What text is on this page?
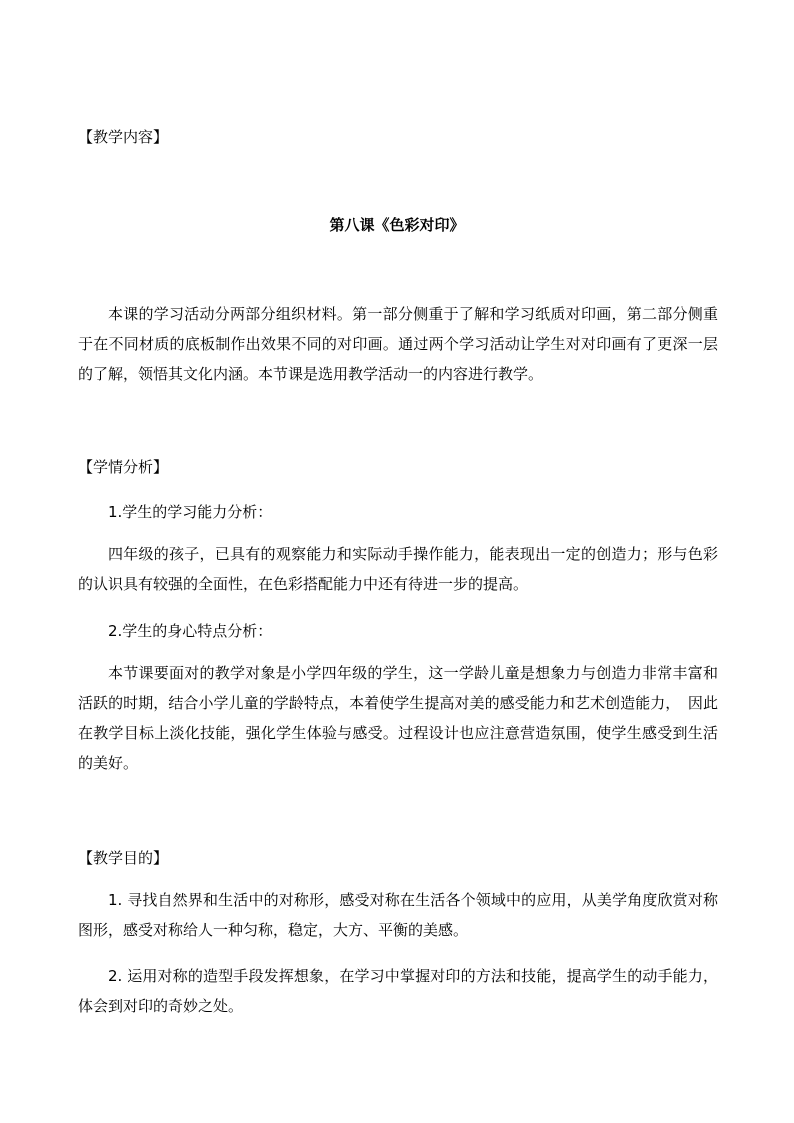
【教学内容】
第八课《色彩对印》
本课的学习活动分两部分组织材料。第一部分侧重于了解和学习纸质对印画，第二部分侧重于在不同材质的底板制作出效果不同的对印画。通过两个学习活动让学生对对印画有了更深一层的了解，领悟其文化内涵。本节课是选用教学活动一的内容进行教学。
【学情分析】
1.学生的学习能力分析：
四年级的孩子，已具有的观察能力和实际动手操作能力，能表现出一定的创造力；形与色彩的认识具有较强的全面性，在色彩搭配能力中还有待进一步的提高。
2.学生的身心特点分析：
本节课要面对的教学对象是小学四年级的学生，这一学龄儿童是想象力与创造力非常丰富和活跃的时期，结合小学儿童的学龄特点，本着使学生提高对美的感受能力和艺术创造能力，　因此在教学目标上淡化技能，强化学生体验与感受。过程设计也应注意营造氛围，使学生感受到生活的美好。
【教学目的】
1. 寻找自然界和生活中的对称形，感受对称在生活各个领域中的应用，从美学角度欣赏对称图形，感受对称给人一种匀称，稳定，大方、平衡的美感。
2. 运用对称的造型手段发挥想象，在学习中掌握对印的方法和技能，提高学生的动手能力，体会到对印的奇妙之处。
